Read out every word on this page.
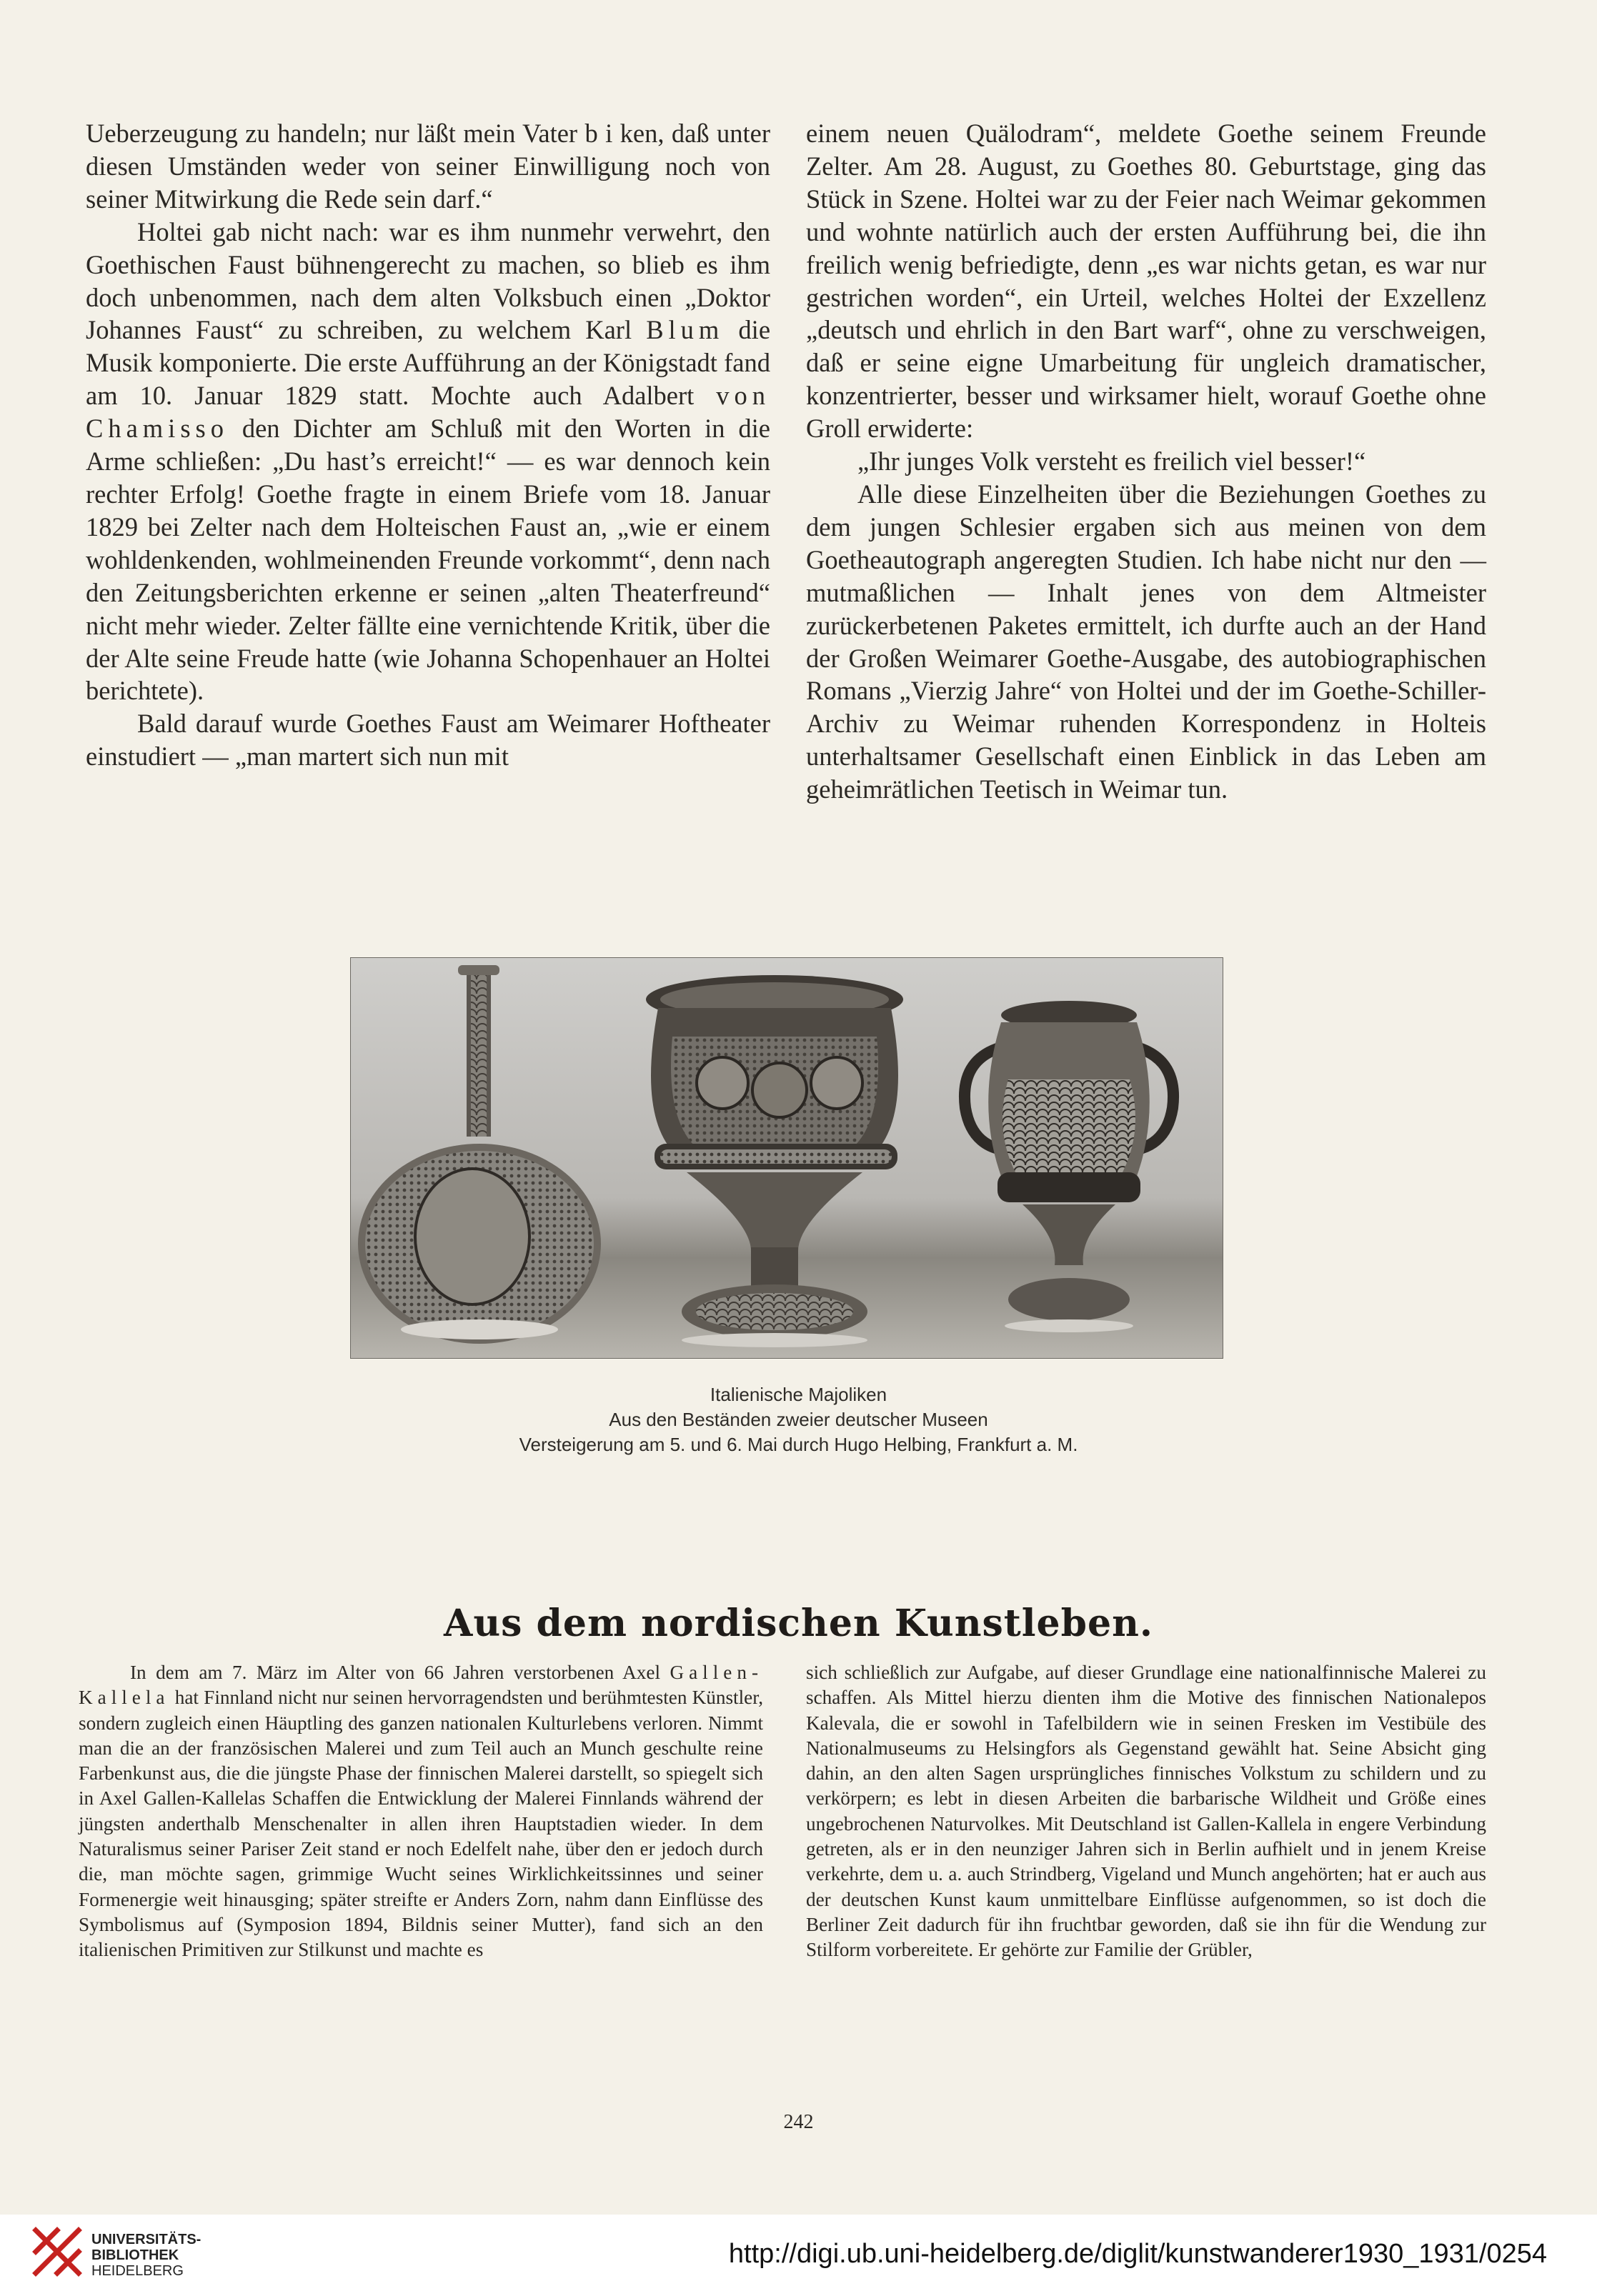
Ueberzeugung zu handeln; nur läßt mein Vater b i ken, daß unter diesen Umständen weder von seiner Einwilligung noch von seiner Mitwirkung die Rede sein darf.“

Holtei gab nicht nach: war es ihm nunmehr verwehrt, den Goethischen Faust bühnengerecht zu machen, so blieb es ihm doch unbenommen, nach dem alten Volksbuch einen „Doktor Johannes Faust“ zu schreiben, zu welchem Karl Blum die Musik komponierte. Die erste Aufführung an der Königstadt fand am 10. Januar 1829 statt. Mochte auch Adalbert von Chamisso den Dichter am Schluß mit den Worten in die Arme schließen: „Du hast’s erreicht!“ — es war dennoch kein rechter Erfolg! Goethe fragte in einem Briefe vom 18. Januar 1829 bei Zelter nach dem Holteischen Faust an, „wie er einem wohldenkenden, wohlmeinenden Freunde vorkommt“, denn nach den Zeitungsberichten erkenne er seinen „alten Theaterfreund“ nicht mehr wieder. Zelter fällte eine vernichtende Kritik, über die der Alte seine Freude hatte (wie Johanna Schopenhauer an Holtei berichtete).

Bald darauf wurde Goethes Faust am Weimarer Hoftheater einstudiert — „man martert sich nun mit

einem neuen Quälodram“, meldete Goethe seinem Freunde Zelter. Am 28. August, zu Goethes 80. Geburtstage, ging das Stück in Szene. Holtei war zu der Feier nach Weimar gekommen und wohnte natürlich auch der ersten Aufführung bei, die ihn freilich wenig befriedigte, denn „es war nichts getan, es war nur gestrichen worden“, ein Urteil, welches Holtei der Exzellenz „deutsch und ehrlich in den Bart warf“, ohne zu verschweigen, daß er seine eigne Umarbeitung für ungleich dramatischer, konzentrierter, besser und wirksamer hielt, worauf Goethe ohne Groll erwiderte:

„Ihr junges Volk versteht es freilich viel besser!“

Alle diese Einzelheiten über die Beziehungen Goethes zu dem jungen Schlesier ergaben sich aus meinen von dem Goetheautograph angeregten Studien. Ich habe nicht nur den — mutmaßlichen — Inhalt jenes von dem Altmeister zurückerbetenen Paketes ermittelt, ich durfte auch an der Hand der Großen Weimarer Goethe-Ausgabe, des autobiographischen Romans „Vierzig Jahre“ von Holtei und der im Goethe-Schiller-Archiv zu Weimar ruhenden Korrespondenz in Holteis unterhaltsamer Gesellschaft einen Einblick in das Leben am geheimrätlichen Teetisch in Weimar tun.

Italienische Majoliken
Aus den Beständen zweier deutscher Museen
Versteigerung am 5. und 6. Mai durch Hugo Helbing, Frankfurt a. M.
Aus dem nordischen Kunstleben.

In dem am 7. März im Alter von 66 Jahren verstorbenen Axel Gallen-Kallela hat Finnland nicht nur seinen hervorragendsten und berühmtesten Künstler, sondern zugleich einen Häuptling des ganzen nationalen Kulturlebens verloren. Nimmt man die an der französischen Malerei und zum Teil auch an Munch geschulte reine Farbenkunst aus, die die jüngste Phase der finnischen Malerei darstellt, so spiegelt sich in Axel Gallen-Kallelas Schaffen die Entwicklung der Malerei Finnlands während der jüngsten anderthalb Menschenalter in allen ihren Hauptstadien wieder. In dem Naturalismus seiner Pariser Zeit stand er noch Edelfelt nahe, über den er jedoch durch die, man möchte sagen, grimmige Wucht seines Wirklichkeitssinnes und seiner Formenergie weit hinausging; später streifte er Anders Zorn, nahm dann Einflüsse des Symbolismus auf (Symposion 1894, Bildnis seiner Mutter), fand sich an den italienischen Primitiven zur Stilkunst und machte es

sich schließlich zur Aufgabe, auf dieser Grundlage eine nationalfinnische Malerei zu schaffen. Als Mittel hierzu dienten ihm die Motive des finnischen Nationalepos Kalevala, die er sowohl in Tafelbildern wie in seinen Fresken im Vestibüle des Nationalmuseums zu Helsingfors als Gegenstand gewählt hat. Seine Absicht ging dahin, an den alten Sagen ursprüngliches finnisches Volkstum zu schildern und zu verkörpern; es lebt in diesen Arbeiten die barbarische Wildheit und Größe eines ungebrochenen Naturvolkes. Mit Deutschland ist Gallen-Kallela in engere Verbindung getreten, als er in den neunziger Jahren sich in Berlin aufhielt und in jenem Kreise verkehrte, dem u. a. auch Strindberg, Vigeland und Munch angehörten; hat er auch aus der deutschen Kunst kaum unmittelbare Einflüsse aufgenommen, so ist doch die Berliner Zeit dadurch für ihn fruchtbar geworden, daß sie ihn für die Wendung zur Stilform vorbereitete. Er gehörte zur Familie der Grübler,

242
UNIVERSITÄTS-
BIBLIOTHEK
HEIDELBERG
http://digi.ub.uni-heidelberg.de/diglit/kunstwanderer1930_1931/0254
